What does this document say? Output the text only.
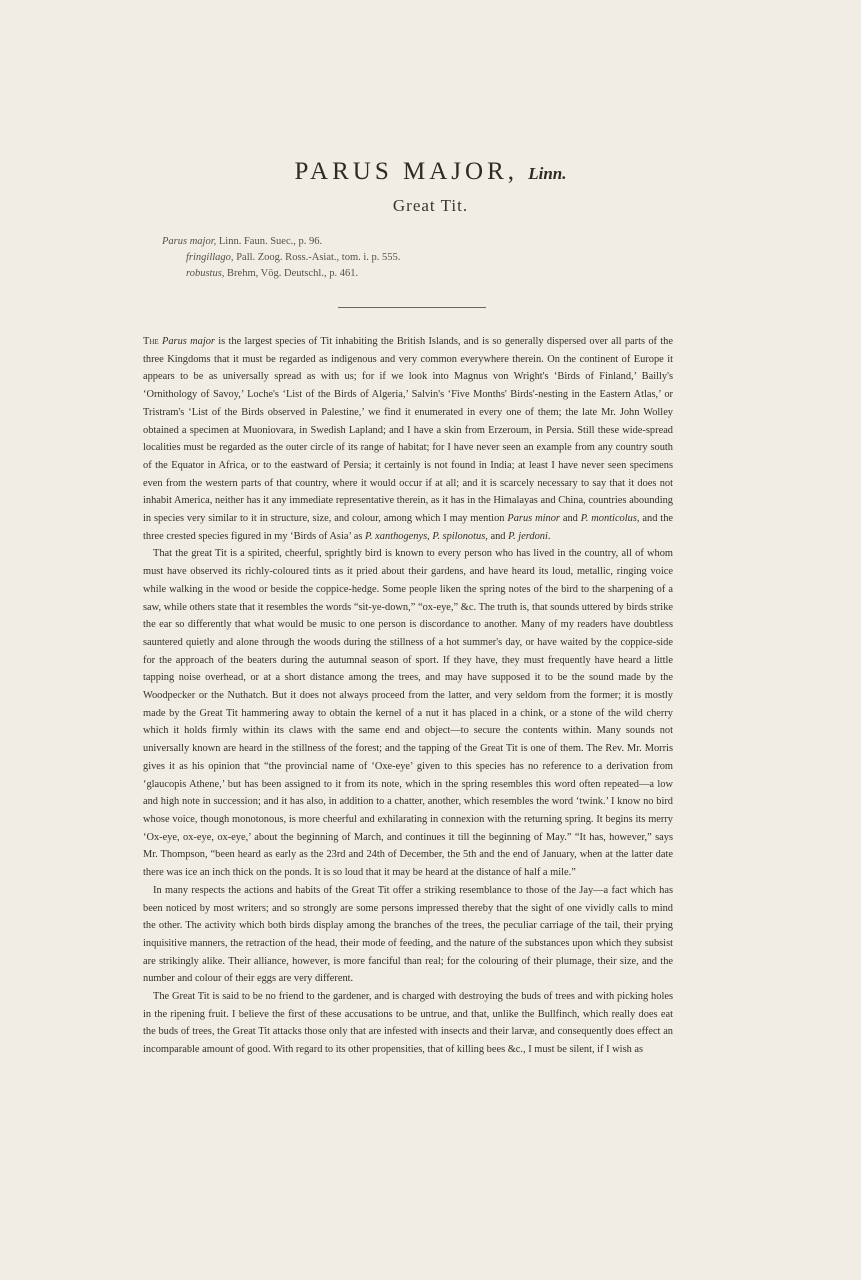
PARUS MAJOR, Linn.
Great Tit.
Parus major, Linn. Faun. Suec., p. 96.
fringillago, Pall. Zoog. Ross.-Asiat., tom. i. p. 555.
robustus, Brehm, Vög. Deutschl., p. 461.

The Parus major is the largest species of Tit inhabiting the British Islands, and is so generally dispersed over all parts of the three Kingdoms that it must be regarded as indigenous and very common everywhere therein. On the continent of Europe it appears to be as universally spread as with us; for if we look into Magnus von Wright's ‘Birds of Finland,’ Bailly's ‘Ornithology of Savoy,’ Loche's ‘List of the Birds of Algeria,’ Salvin's ‘Five Months' Birds'-nesting in the Eastern Atlas,’ or Tristram's ‘List of the Birds observed in Palestine,’ we find it enumerated in every one of them; the late Mr. John Wolley obtained a specimen at Muoniovara, in Swedish Lapland; and I have a skin from Erzeroum, in Persia. Still these wide-spread localities must be regarded as the outer circle of its range of habitat; for I have never seen an example from any country south of the Equator in Africa, or to the eastward of Persia; it certainly is not found in India; at least I have never seen specimens even from the western parts of that country, where it would occur if at all; and it is scarcely necessary to say that it does not inhabit America, neither has it any immediate representative therein, as it has in the Himalayas and China, countries abounding in species very similar to it in structure, size, and colour, among which I may mention Parus minor and P. monticolus, and the three crested species figured in my ‘Birds of Asia’ as P. xanthogenys, P. spilonotus, and P. jerdoni.

That the great Tit is a spirited, cheerful, sprightly bird is known to every person who has lived in the country, all of whom must have observed its richly-coloured tints as it pried about their gardens, and have heard its loud, metallic, ringing voice while walking in the wood or beside the coppice-hedge. Some people liken the spring notes of the bird to the sharpening of a saw, while others state that it resembles the words “sit-ye-down,” “ox-eye,” &c. The truth is, that sounds uttered by birds strike the ear so differently that what would be music to one person is discordance to another. Many of my readers have doubtless sauntered quietly and alone through the woods during the stillness of a hot summer's day, or have waited by the coppice-side for the approach of the beaters during the autumnal season of sport. If they have, they must frequently have heard a little tapping noise overhead, or at a short distance among the trees, and may have supposed it to be the sound made by the Woodpecker or the Nuthatch. But it does not always proceed from the latter, and very seldom from the former; it is mostly made by the Great Tit hammering away to obtain the kernel of a nut it has placed in a chink, or a stone of the wild cherry which it holds firmly within its claws with the same end and object—to secure the contents within. Many sounds not universally known are heard in the stillness of the forest; and the tapping of the Great Tit is one of them. The Rev. Mr. Morris gives it as his opinion that “the provincial name of ‘Oxe-eye’ given to this species has no reference to a derivation from ‘glaucopis Athene,’ but has been assigned to it from its note, which in the spring resembles this word often repeated—a low and high note in succession; and it has also, in addition to a chatter, another, which resembles the word ‘twink.’ I know no bird whose voice, though monotonous, is more cheerful and exhilarating in connexion with the returning spring. It begins its merry ‘Ox-eye, ox-eye, ox-eye,’ about the beginning of March, and continues it till the beginning of May.” “It has, however,” says Mr. Thompson, “been heard as early as the 23rd and 24th of December, the 5th and the end of January, when at the latter date there was ice an inch thick on the ponds. It is so loud that it may be heard at the distance of half a mile.”

In many respects the actions and habits of the Great Tit offer a striking resemblance to those of the Jay—a fact which has been noticed by most writers; and so strongly are some persons impressed thereby that the sight of one vividly calls to mind the other. The activity which both birds display among the branches of the trees, the peculiar carriage of the tail, their prying inquisitive manners, the retraction of the head, their mode of feeding, and the nature of the substances upon which they subsist are strikingly alike. Their alliance, however, is more fanciful than real; for the colouring of their plumage, their size, and the number and colour of their eggs are very different.

The Great Tit is said to be no friend to the gardener, and is charged with destroying the buds of trees and with picking holes in the ripening fruit. I believe the first of these accusations to be untrue, and that, unlike the Bullfinch, which really does eat the buds of trees, the Great Tit attacks those only that are infested with insects and their larvæ, and consequently does effect an incomparable amount of good. With regard to its other propensities, that of killing bees &c., I must be silent, if I wish as
